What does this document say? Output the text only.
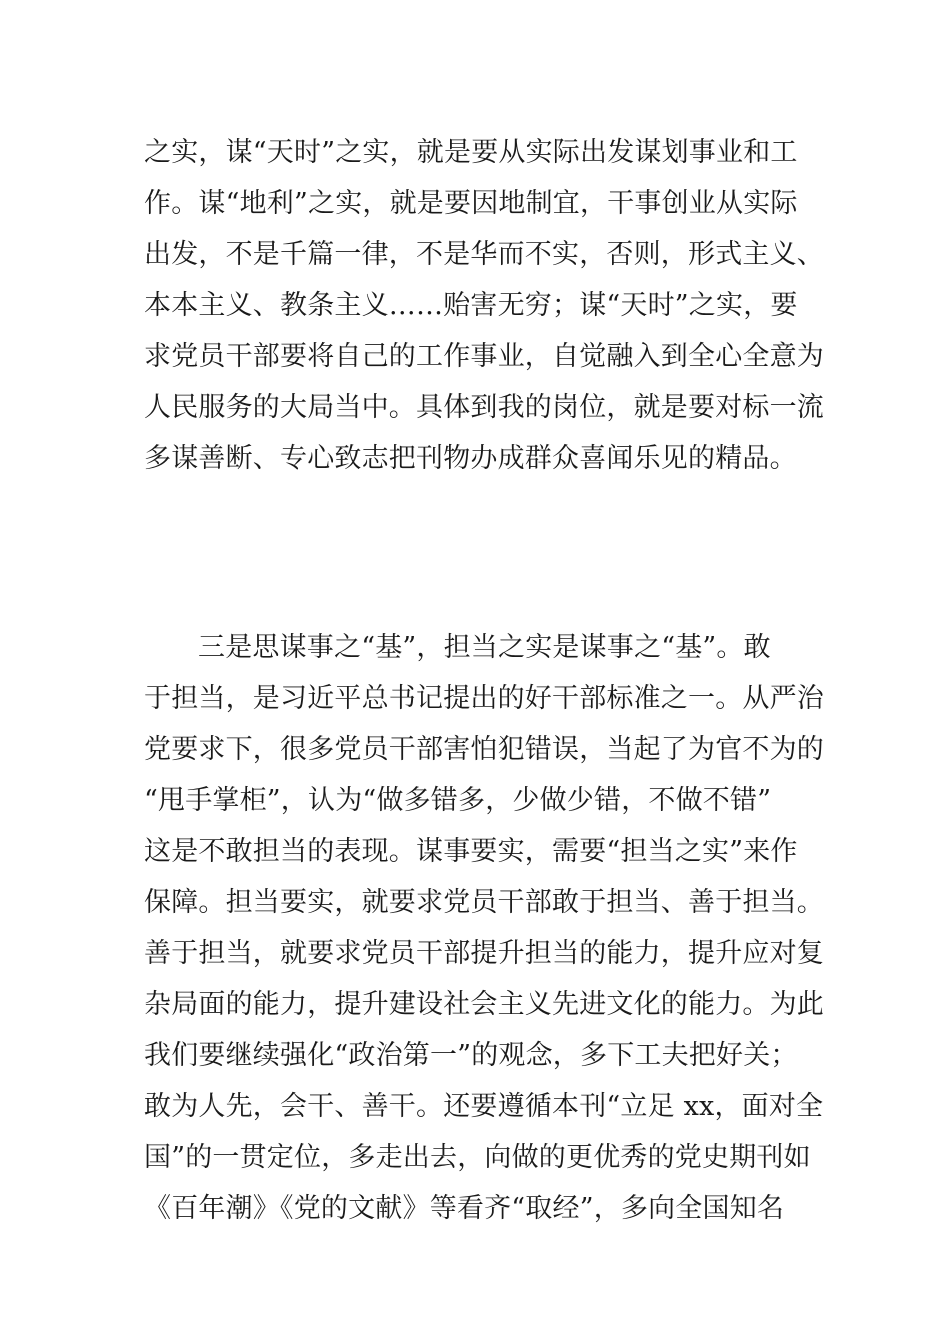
之实，谋“天时”之实，就是要从实际出发谋划事业和工
作。谋“地利”之实，就是要因地制宜，干事创业从实际
出发，不是千篇一律，不是华而不实，否则，形式主义、
本本主义、教条主义……贻害无穷；谋“天时”之实，要
求党员干部要将自己的工作事业，自觉融入到全心全意为
人民服务的大局当中。具体到我的岗位，就是要对标一流
多谋善断、专心致志把刊物办成群众喜闻乐见的精品。
三是思谋事之“基”，担当之实是谋事之“基”。敢
于担当，是习近平总书记提出的好干部标准之一。从严治
党要求下，很多党员干部害怕犯错误，当起了为官不为的
“甩手掌柜”，认为“做多错多，少做少错，不做不错”
这是不敢担当的表现。谋事要实，需要“担当之实”来作
保障。担当要实，就要求党员干部敢于担当、善于担当。
善于担当，就要求党员干部提升担当的能力，提升应对复
杂局面的能力，提升建设社会主义先进文化的能力。为此
我们要继续强化“政治第一”的观念，多下工夫把好关；
敢为人先，会干、善干。还要遵循本刊“立足 xx，面对全
国”的一贯定位，多走出去，向做的更优秀的党史期刊如
《百年潮》《党的文献》等看齐“取经”，多向全国知名
